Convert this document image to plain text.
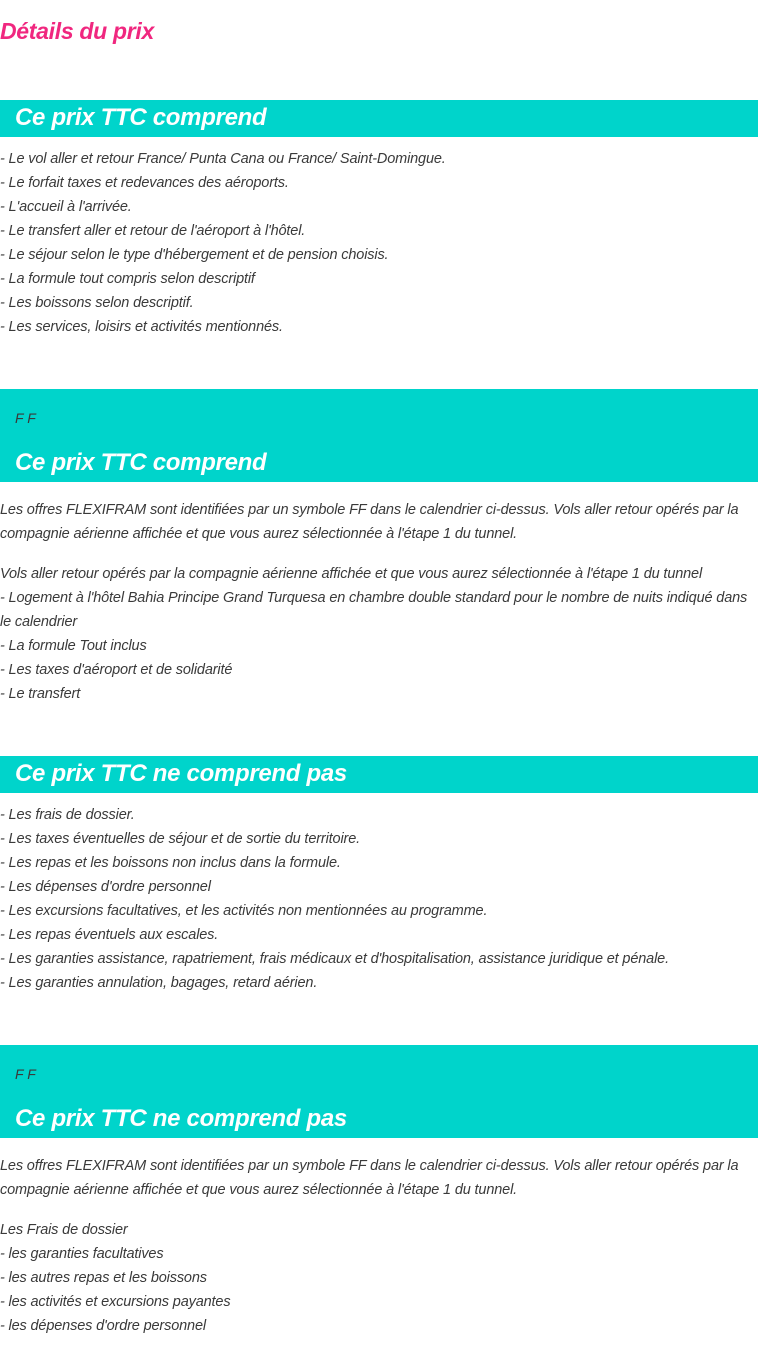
Détails du prix
Ce prix TTC comprend
- Le vol aller et retour France/ Punta Cana ou France/ Saint-Domingue.
- Le forfait taxes et redevances des aéroports.
- L'accueil à l'arrivée.
- Le transfert aller et retour de l'aéroport à l'hôtel.
- Le séjour selon le type d'hébergement et de pension choisis.
- La formule tout compris selon descriptif
- Les boissons selon descriptif.
- Les services, loisirs et activités mentionnés.
F F
Ce prix TTC comprend

Les offres FLEXIFRAM sont identifiées par un symbole FF dans le calendrier ci-dessus. Vols aller retour opérés par la compagnie aérienne affichée et que vous aurez sélectionnée à l'étape 1 du tunnel.

Vols aller retour opérés par la compagnie aérienne affichée et que vous aurez sélectionnée à l'étape 1 du tunnel
- Logement à l'hôtel Bahia Principe Grand Turquesa en chambre double standard pour le nombre de nuits indiqué dans le calendrier
- La formule Tout inclus
- Les taxes d'aéroport et de solidarité
- Le transfert
Ce prix TTC ne comprend pas
- Les frais de dossier.
- Les taxes éventuelles de séjour et de sortie du territoire.
- Les repas et les boissons non inclus dans la formule.
- Les dépenses d'ordre personnel
- Les excursions facultatives, et les activités non mentionnées au programme.
- Les repas éventuels aux escales.
- Les garanties assistance, rapatriement, frais médicaux et d'hospitalisation, assistance juridique et pénale.
- Les garanties annulation, bagages, retard aérien.
F F
Ce prix TTC ne comprend pas

Les offres FLEXIFRAM sont identifiées par un symbole FF dans le calendrier ci-dessus. Vols aller retour opérés par la compagnie aérienne affichée et que vous aurez sélectionnée à l'étape 1 du tunnel.

Les Frais de dossier
- les garanties facultatives
- les autres repas et les boissons
- les activités et excursions payantes
- les dépenses d'ordre personnel
